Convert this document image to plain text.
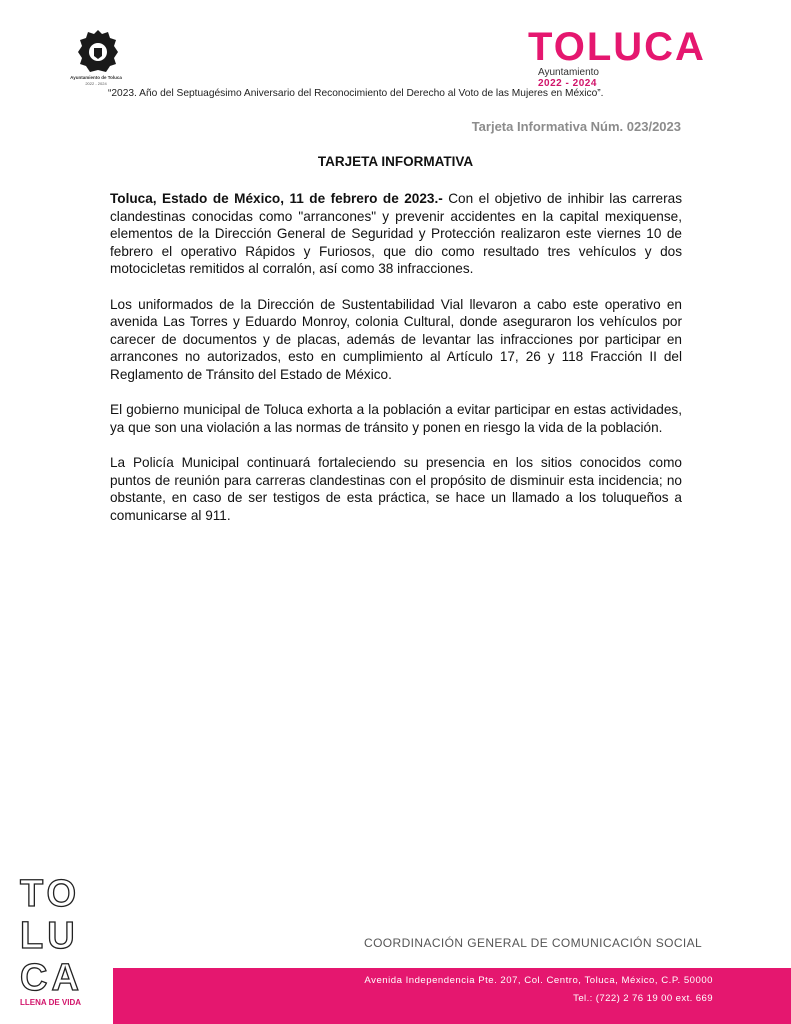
Ayuntamiento de Toluca
2022 - 2024
TOLUCA
Ayuntamiento
2022 - 2024
“2023. Año del Septuagésimo Aniversario del Reconocimiento del Derecho al Voto de las Mujeres en México”.
Tarjeta Informativa Núm. 023/2023
TARJETA INFORMATIVA

Toluca, Estado de México, 11 de febrero de 2023.- Con el objetivo de inhibir las carreras clandestinas conocidas como "arrancones" y prevenir accidentes en la capital mexiquense, elementos de la Dirección General de Seguridad y Protección realizaron este viernes 10 de febrero el operativo Rápidos y Furiosos, que dio como resultado tres vehículos y dos motocicletas remitidos al corralón, así como 38 infracciones.

Los uniformados de la Dirección de Sustentabilidad Vial llevaron a cabo este operativo en avenida Las Torres y Eduardo Monroy, colonia Cultural, donde aseguraron los vehículos por carecer de documentos y de placas, además de levantar las infracciones por participar en arrancones no autorizados, esto en cumplimiento al Artículo 17, 26 y 118 Fracción II del Reglamento de Tránsito del Estado de México.

El gobierno municipal de Toluca exhorta a la población a evitar participar en estas actividades, ya que son una violación a las normas de tránsito y ponen en riesgo la vida de la población.

La Policía Municipal continuará fortaleciendo su presencia en los sitios conocidos como puntos de reunión para carreras clandestinas con el propósito de disminuir esta incidencia; no obstante, en caso de ser testigos de esta práctica, se hace un llamado a los toluqueños a comunicarse al 911.

TO
LU
CA
LLENA DE VIDA
COORDINACIÓN GENERAL DE COMUNICACIÓN SOCIAL
Avenida Independencia Pte. 207, Col. Centro, Toluca, México, C.P. 50000
Tel.: (722) 2 76 19 00 ext. 669
